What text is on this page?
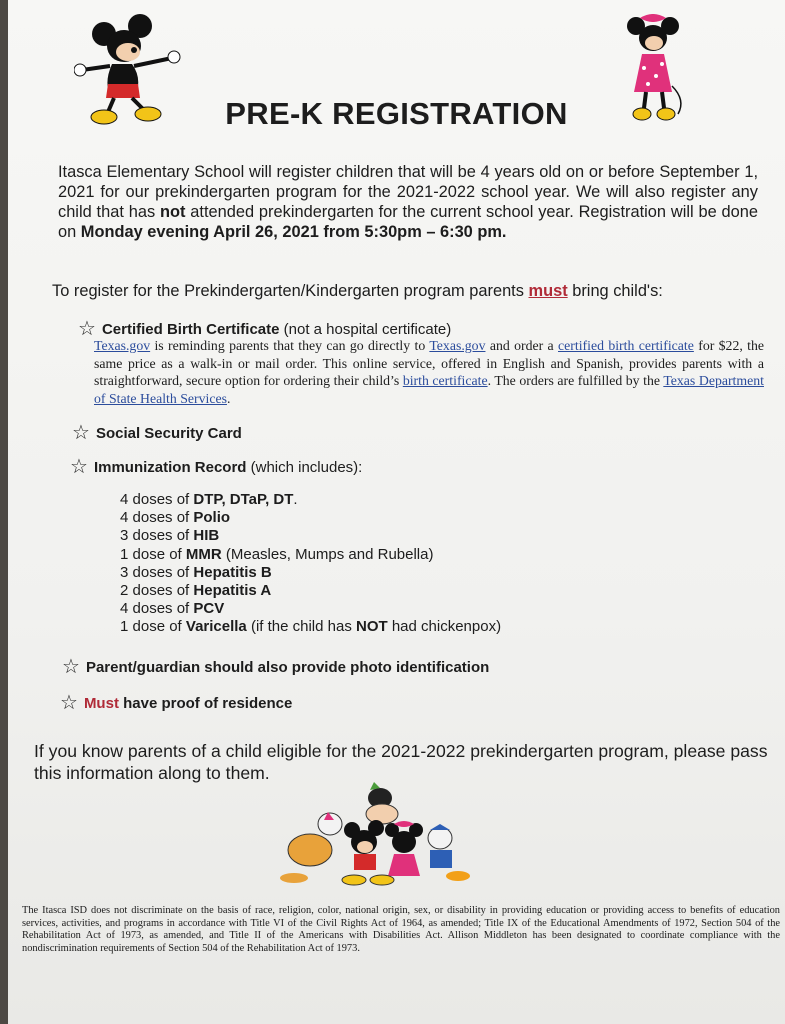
PRE-K REGISTRATION
Itasca Elementary School will register children that will be 4 years old on or before September 1, 2021 for our prekindergarten program for the 2021-2022 school year. We will also register any child that has not attended prekindergarten for the current school year. Registration will be done on Monday evening April 26, 2021 from 5:30pm – 6:30 pm.
To register for the Prekindergarten/Kindergarten program parents must bring child's:
☆ Certified Birth Certificate (not a hospital certificate)
Texas.gov is reminding parents that they can go directly to Texas.gov and order a certified birth certificate for $22, the same price as a walk-in or mail order. This online service, offered in English and Spanish, provides parents with a straightforward, secure option for ordering their child’s birth certificate. The orders are fulfilled by the Texas Department of State Health Services.
☆ Social Security Card
☆ Immunization Record (which includes):
4 doses of DTP, DTaP, DT.
4 doses of Polio
3 doses of HIB
1 dose of MMR (Measles, Mumps and Rubella)
3 doses of Hepatitis B
2 doses of Hepatitis A
4 doses of PCV
1 dose of Varicella (if the child has NOT had chickenpox)
☆ Parent/guardian should also provide photo identification
☆ Must have proof of residence
If you know parents of a child eligible for the 2021-2022 prekindergarten program, please pass this information along to them.
The Itasca ISD does not discriminate on the basis of race, religion, color, national origin, sex, or disability in providing education or providing access to benefits of education services, activities, and programs in accordance with Title VI of the Civil Rights Act of 1964, as amended; Title IX of the Educational Amendments of 1972, Section 504 of the Rehabilitation Act of 1973, as amended, and Title II of the Americans with Disabilities Act. Allison Middleton has been designated to coordinate compliance with the nondiscrimination requirements of Section 504 of the Rehabilitation Act of 1973.
